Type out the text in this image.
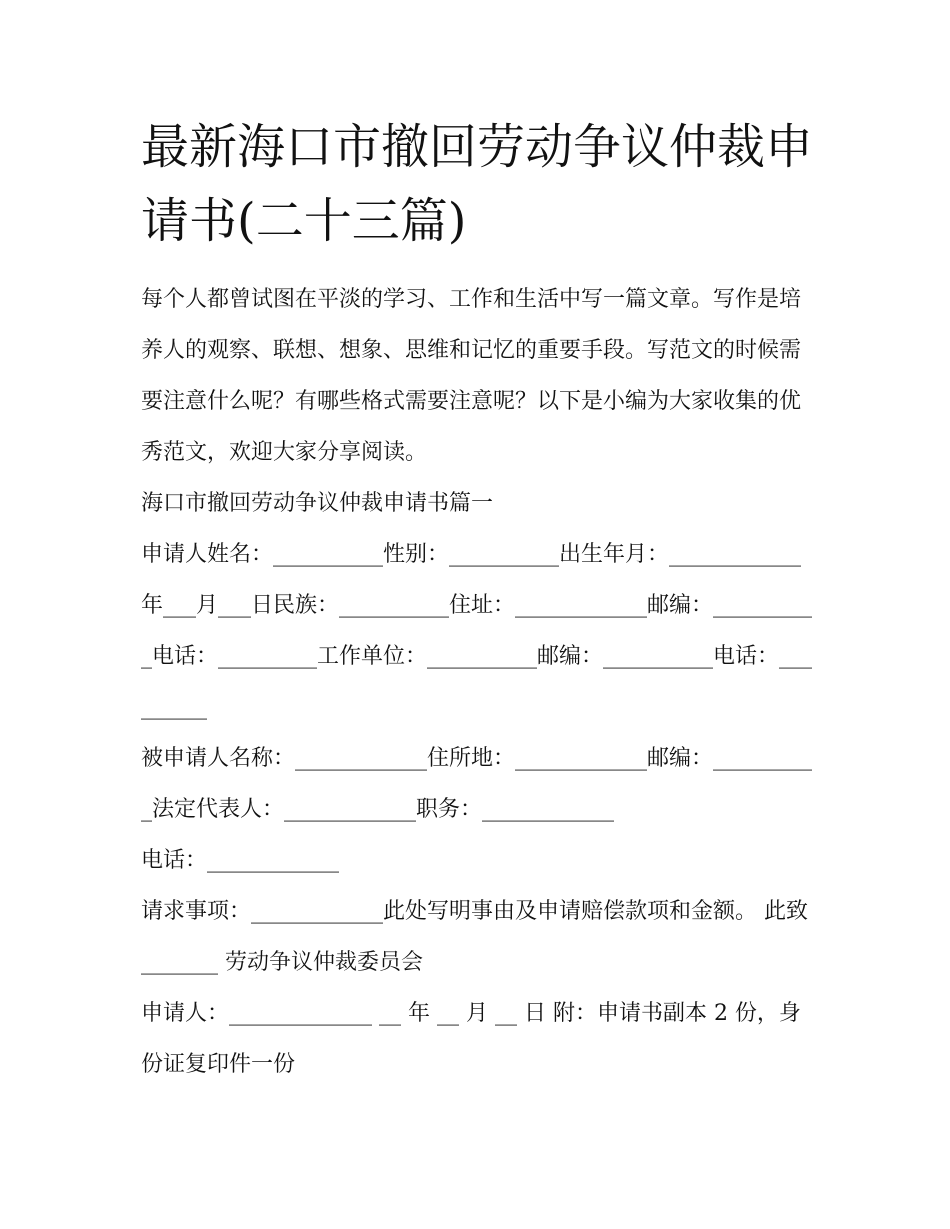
最新海口市撤回劳动争议仲裁申请书(二十三篇)

每个人都曾试图在平淡的学习、工作和生活中写一篇文章。写作是培养人的观察、联想、想象、思维和记忆的重要手段。写范文的时候需要注意什么呢？有哪些格式需要注意呢？以下是小编为大家收集的优秀范文，欢迎大家分享阅读。

海口市撤回劳动争议仲裁申请书篇一

申请人姓名：__________性别：__________出生年月：____________年___月___日民族：__________住址：____________邮编：__________电话：_________工作单位：__________邮编：__________电话：_________

被申请人名称：____________住所地：____________邮编：__________法定代表人：____________职务：____________

电话：____________

请求事项：____________此处写明事由及申请赔偿款项和金额。 此致_______ 劳动争议仲裁委员会

申请人：_____________ __ 年 __ 月 __ 日 附：申请书副本 2 份，身份证复印件一份
